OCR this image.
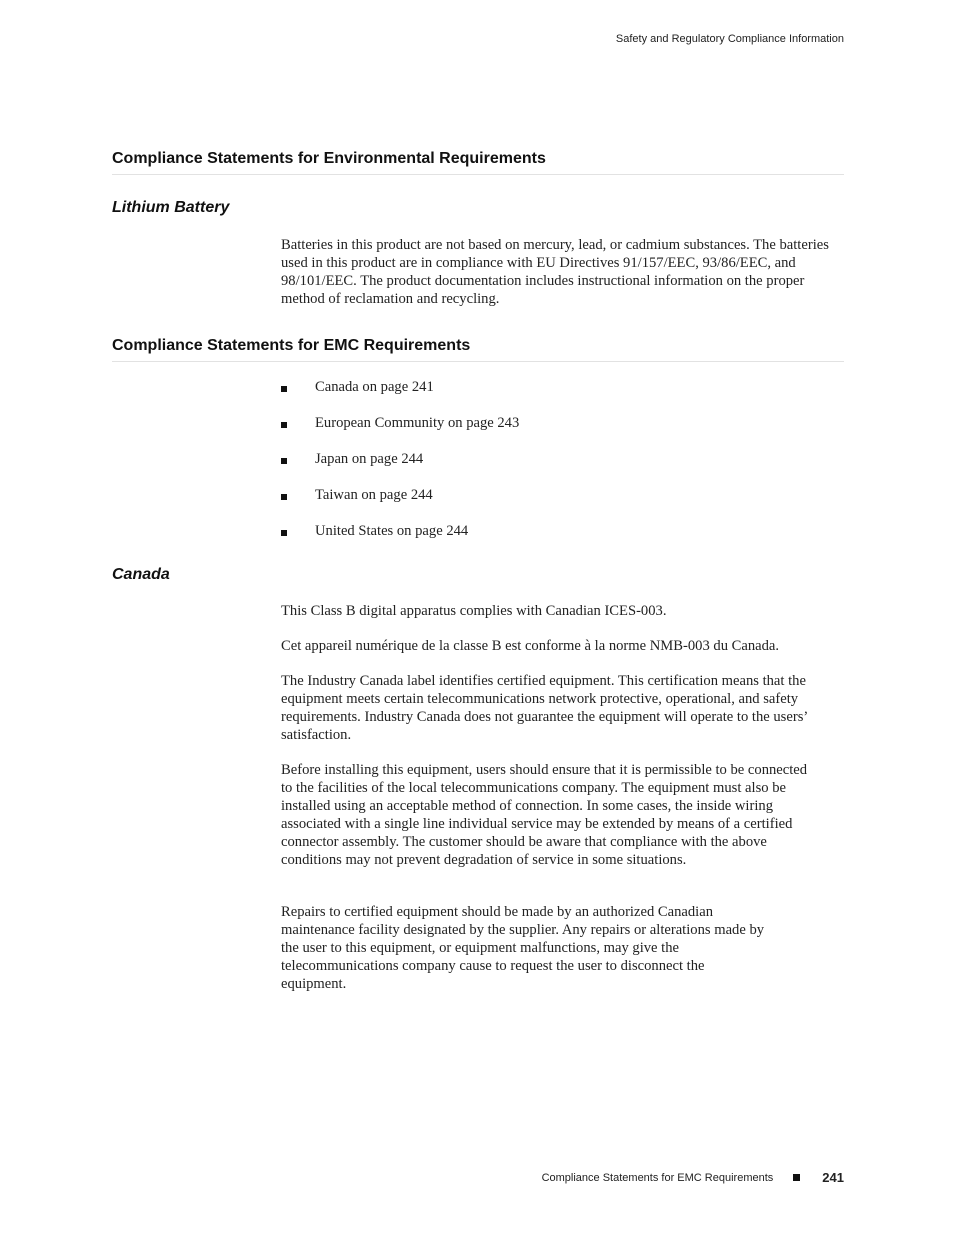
Safety and Regulatory Compliance Information
Compliance Statements for Environmental Requirements
Lithium Battery

Batteries in this product are not based on mercury, lead, or cadmium substances. The batteries used in this product are in compliance with EU Directives 91/157/EEC, 93/86/EEC, and 98/101/EEC. The product documentation includes instructional information on the proper method of reclamation and recycling.

Compliance Statements for EMC Requirements
Canada on page 241
European Community on page 243
Japan on page 244
Taiwan on page 244
United States on page 244
Canada

This Class B digital apparatus complies with Canadian ICES-003.

Cet appareil numérique de la classe B est conforme à la norme NMB-003 du Canada.

The Industry Canada label identifies certified equipment. This certification means that the equipment meets certain telecommunications network protective, operational, and safety requirements. Industry Canada does not guarantee the equipment will operate to the users’ satisfaction.

Before installing this equipment, users should ensure that it is permissible to be connected to the facilities of the local telecommunications company. The equipment must also be installed using an acceptable method of connection. In some cases, the inside wiring associated with a single line individual service may be extended by means of a certified connector assembly. The customer should be aware that compliance with the above conditions may not prevent degradation of service in some situations.

Repairs to certified equipment should be made by an authorized Canadian maintenance facility designated by the supplier. Any repairs or alterations made by the user to this equipment, or equipment malfunctions, may give the telecommunications company cause to request the user to disconnect the equipment.

Compliance Statements for EMC Requirements	241
